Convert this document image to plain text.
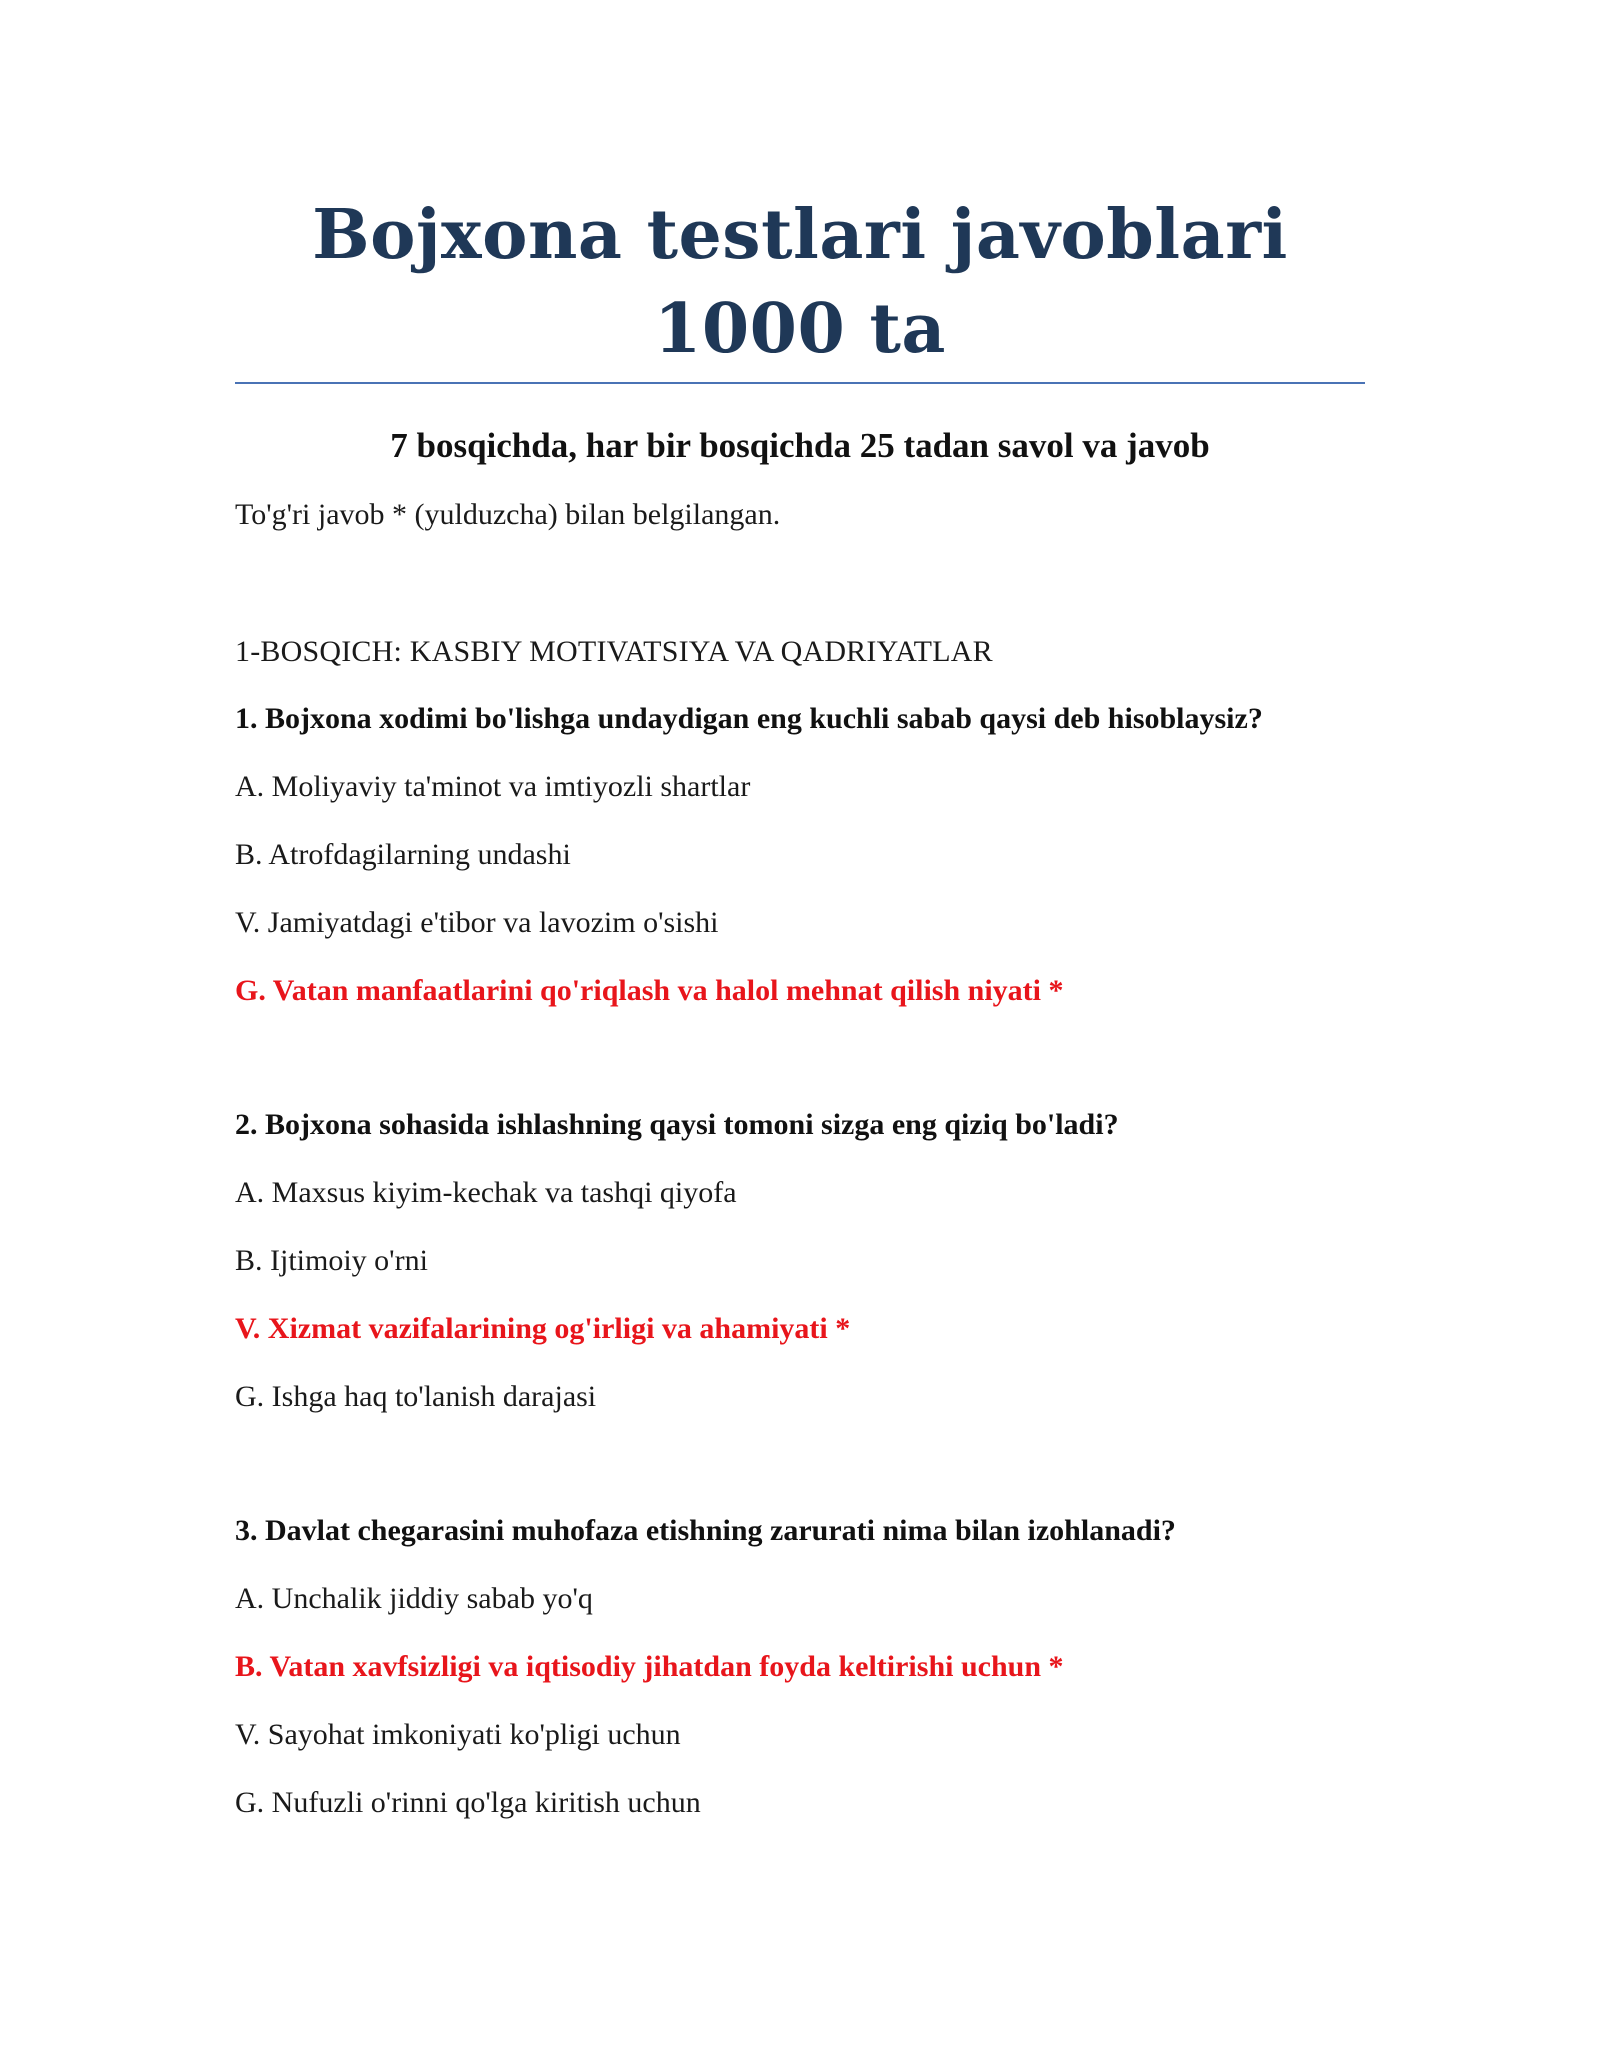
Bojxona testlari javoblari 1000 ta
7 bosqichda, har bir bosqichda 25 tadan savol va javob
To'g'ri javob * (yulduzcha) bilan belgilangan.
1-BOSQICH: KASBIY MOTIVATSIYA VA QADRIYATLAR
1. Bojxona xodimi bo'lishga undaydigan eng kuchli sabab qaysi deb hisoblaysiz?
A. Moliyaviy ta'minot va imtiyozli shartlar
B. Atrofdagilarning undashi
V. Jamiyatdagi e'tibor va lavozim o'sishi
G. Vatan manfaatlarini qo'riqlash va halol mehnat qilish niyati *
2. Bojxona sohasida ishlashning qaysi tomoni sizga eng qiziq bo'ladi?
A. Maxsus kiyim-kechak va tashqi qiyofa
B. Ijtimoiy o'rni
V. Xizmat vazifalarining og'irligi va ahamiyati *
G. Ishga haq to'lanish darajasi
3. Davlat chegarasini muhofaza etishning zarurati nima bilan izohlanadi?
A. Unchalik jiddiy sabab yo'q
B. Vatan xavfsizligi va iqtisodiy jihatdan foyda keltirishi uchun *
V. Sayohat imkoniyati ko'pligi uchun
G. Nufuzli o'rinni qo'lga kiritish uchun
